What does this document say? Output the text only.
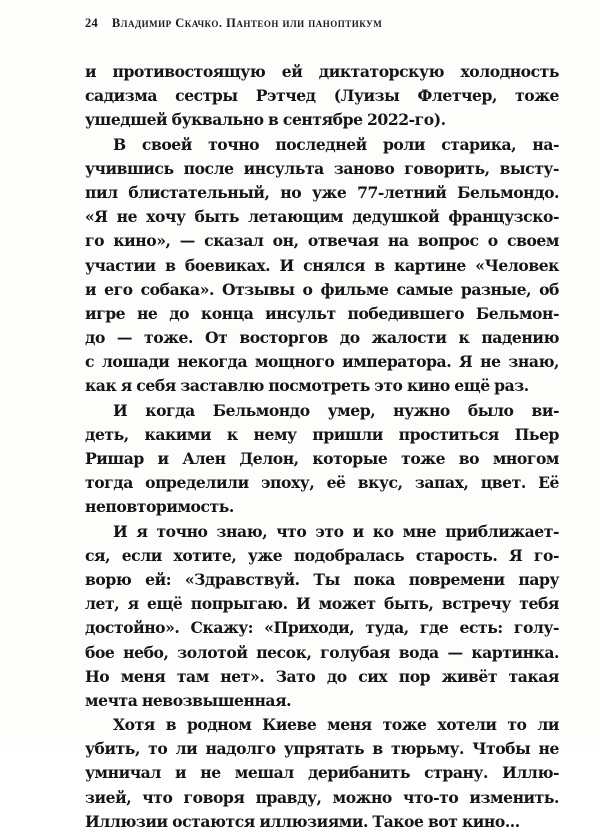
24 Владимир Скачко. Пантеон или паноптикум
и противостоящую ей диктаторскую холодность
садизма сестры Рэтчед (Луизы Флетчер, тоже
ушедшей буквально в сентябре 2022-го).
В своей точно последней роли старика, на-
учившись после инсульта заново говорить, высту-
пил блистательный, но уже 77-летний Бельмондо.
«Я не хочу быть летающим дедушкой французско-
го кино», — сказал он, отвечая на вопрос о своем
участии в боевиках. И снялся в картине «Человек
и его собака». Отзывы о фильме самые разные, об
игре не до конца инсульт победившего Бельмон-
до — тоже. От восторгов до жалости к падению
с лошади некогда мощного императора. Я не знаю,
как я себя заставлю посмотреть это кино ещё раз.
И когда Бельмондо умер, нужно было ви-
деть, какими к нему пришли проститься Пьер
Ришар и Ален Делон, которые тоже во многом
тогда определили эпоху, её вкус, запах, цвет. Её
неповторимость.
И я точно знаю, что это и ко мне приближает-
ся, если хотите, уже подобралась старость. Я го-
ворю ей: «Здравствуй. Ты пока повремени пару
лет, я ещё попрыгаю. И может быть, встречу тебя
достойно». Скажу: «Приходи, туда, где есть: голу-
бое небо, золотой песок, голубая вода — картинка.
Но меня там нет». Зато до сих пор живёт такая
мечта невозвышенная.
Хотя в родном Киеве меня тоже хотели то ли
убить, то ли надолго упрятать в тюрьму. Чтобы не
умничал и не мешал дерибанить страну. Иллю-
зией, что говоря правду, можно что-то изменить.
Иллюзии остаются иллюзиями. Такое вот кино...
